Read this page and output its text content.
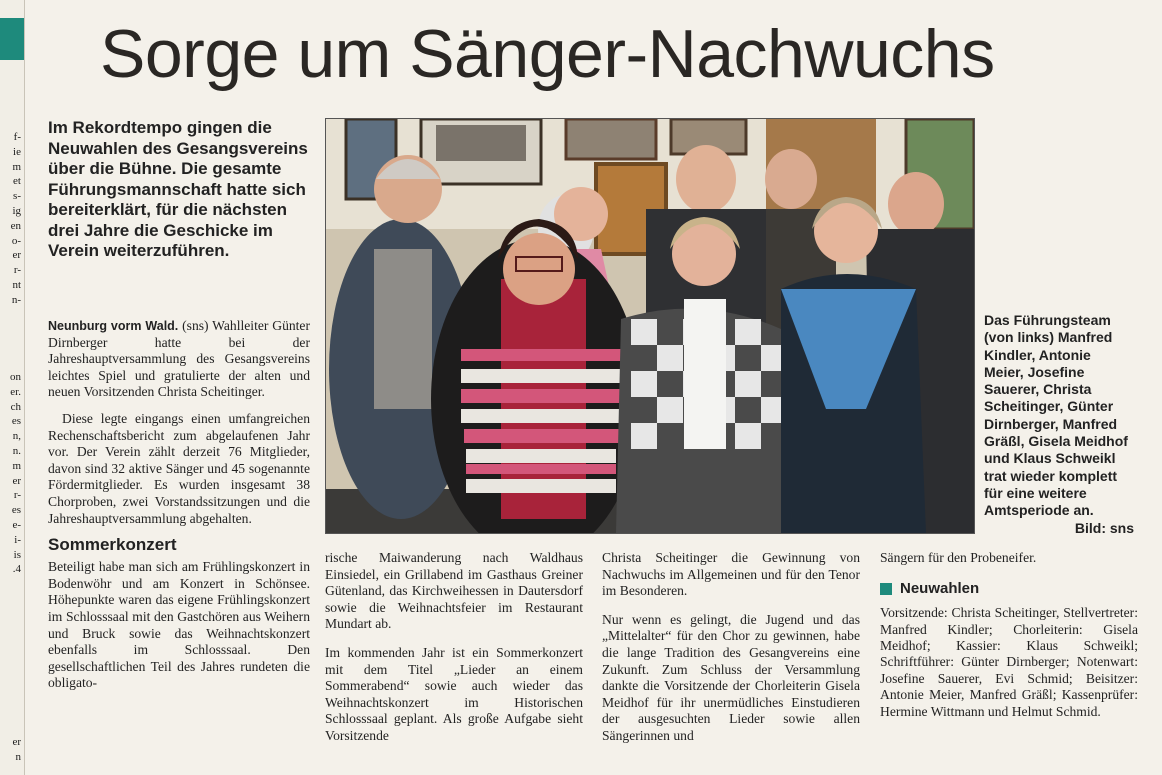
f-
ie
m
et
s-
ig
en
o-
er
r-
nt
n-
on
er.
ch
es
n,
n.
m
er
r-
es
e-
i-
is
.4
er
n
Sorge um Sänger-Nachwuchs
Im Rekordtempo gingen die Neuwahlen des Gesangsvereins über die Bühne. Die gesamte Führungsmannschaft hatte sich bereiterklärt, für die nächsten drei Jahre die Geschicke im Verein weiterzuführen.

Neunburg vorm Wald. (sns) Wahlleiter Günter Dirnberger hatte bei der Jahreshauptversammlung des Gesangsvereins leichtes Spiel und gratulierte der alten und neuen Vorsitzenden Christa Scheitinger.

Diese legte eingangs einen umfangreichen Rechenschaftsbericht zum abgelaufenen Jahr vor. Der Verein zählt derzeit 76 Mitglieder, davon sind 32 aktive Sänger und 45 sogenannte Fördermitglieder. Es wurden insgesamt 38 Chorproben, zwei Vorstandssitzungen und die Jahreshauptversammlung abgehalten.

Sommerkonzert

Beteiligt habe man sich am Frühlingskonzert in Bodenwöhr und am Konzert in Schönsee. Höhepunkte waren das eigene Frühlingskonzert im Schlosssaal mit den Gastchören aus Weihern und Bruck sowie das Weihnachtskonzert ebenfalls im Schlosssaal. Den gesellschaftlichen Teil des Jahres rundeten die obligato-

Das Führungsteam (von links) Manfred Kindler, Antonie Meier, Josefine Sauerer, Christa Scheitinger, Günter Dirnberger, Manfred Gräßl, Gisela Meidhof und Klaus Schweikl trat wieder komplett für eine weitere Amtsperiode an.
Bild: sns

rische Maiwanderung nach Waldhaus Einsiedel, ein Grillabend im Gasthaus Greiner Gütenland, das Kirchweihessen in Dautersdorf sowie die Weihnachtsfeier im Restaurant Mundart ab.

Im kommenden Jahr ist ein Sommerkonzert mit dem Titel „Lieder an einem Sommerabend“ sowie auch wieder das Weihnachtskonzert im Historischen Schlosssaal geplant. Als große Aufgabe sieht Vorsitzende

Christa Scheitinger die Gewinnung von Nachwuchs im Allgemeinen und für den Tenor im Besonderen.

Nur wenn es gelingt, die Jugend und das „Mittelalter“ für den Chor zu gewinnen, habe die lange Tradition des Gesangvereins eine Zukunft. Zum Schluss der Versammlung dankte die Vorsitzende der Chorleiterin Gisela Meidhof für ihr unermüdliches Einstudieren der ausgesuchten Lieder sowie allen Sängerinnen und

Sängern für den Probeneifer.

Neuwahlen

Vorsitzende: Christa Scheitinger, Stellvertreter: Manfred Kindler; Chorleiterin: Gisela Meidhof; Kassier: Klaus Schweikl; Schriftführer: Günter Dirnberger; Notenwart: Josefine Sauerer, Evi Schmid; Beisitzer: Antonie Meier, Manfred Gräßl; Kassenprüfer: Hermine Wittmann und Helmut Schmid.
